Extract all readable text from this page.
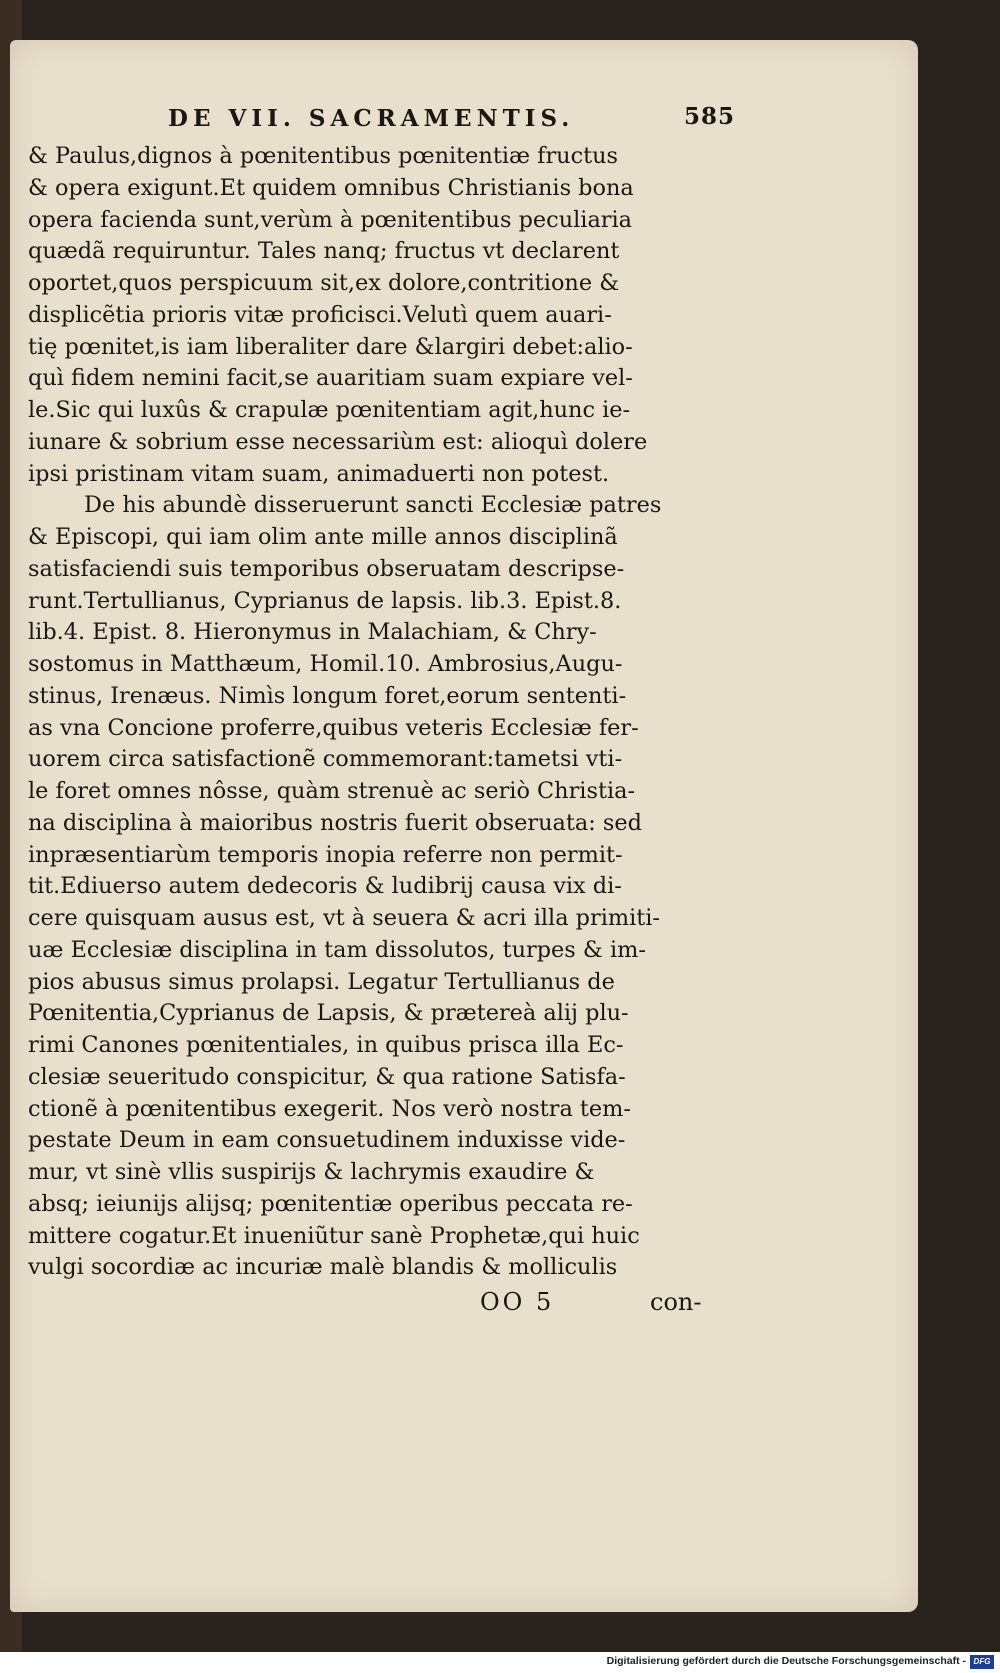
DE VII. SACRAMENTIS.	585
& Paulus,dignos à pœnitentibus pœnitentiæ fructus
& opera exigunt.Et quidem omnibus Christianis bona
opera facienda sunt,verùm à pœnitentibus peculiaria
quædã requiruntur. Tales nanq; fructus vt declarent
oportet,quos perspicuum sit,ex dolore,contritione &
displicẽtia prioris vitæ proficisci.Velutì quem auari-
tię pœnitet,is iam liberaliter dare &largiri debet:alio-
quì fidem nemini facit,se auaritiam suam expiare vel-
le.Sic qui luxûs & crapulæ pœnitentiam agit,hunc ie-
iunare & sobrium esse necessariùm est: alioquì dolere
ipsi pristinam vitam suam, animaduerti non potest.
De his abundè disseruerunt sancti Ecclesiæ patres
& Episcopi, qui iam olim ante mille annos disciplinã
satisfaciendi suis temporibus obseruatam descripse-
runt.Tertullianus, Cyprianus de lapsis. lib.3. Epist.8.
lib.4. Epist. 8. Hieronymus in Malachiam, & Chry-
sostomus in Matthæum, Homil.10. Ambrosius,Augu-
stinus, Irenæus. Nimìs longum foret,eorum sententi-
as vna Concione proferre,quibus veteris Ecclesiæ fer-
uorem circa satisfactionẽ commemorant:tametsi vti-
le foret omnes nôsse, quàm strenuè ac seriò Christia-
na disciplina à maioribus nostris fuerit obseruata: sed
inpræsentiarùm temporis inopia referre non permit-
tit.Ediuerso autem dedecoris & ludibrij causa vix di-
cere quisquam ausus est, vt à seuera & acri illa primiti-
uæ Ecclesiæ disciplina in tam dissolutos, turpes & im-
pios abusus simus prolapsi. Legatur Tertullianus de
Pœnitentia,Cyprianus de Lapsis, & prætereà alij plu-
rimi Canones pœnitentiales, in quibus prisca illa Ec-
clesiæ seueritudo conspicitur, & qua ratione Satisfa-
ctionẽ à pœnitentibus exegerit. Nos verò nostra tem-
pestate Deum in eam consuetudinem induxisse vide-
mur, vt sinè vllis suspirijs & lachrymis exaudire &
absq; ieiunijs alijsq; pœnitentiæ operibus peccata re-
mittere cogatur.Et inueniũtur sanè Prophetæ,qui huic
vulgi socordiæ ac incuriæ malè blandis & molliculis
OO 5	con-
Digitalisierung gefördert durch die Deutsche Forschungsgemeinschaft - DFG
